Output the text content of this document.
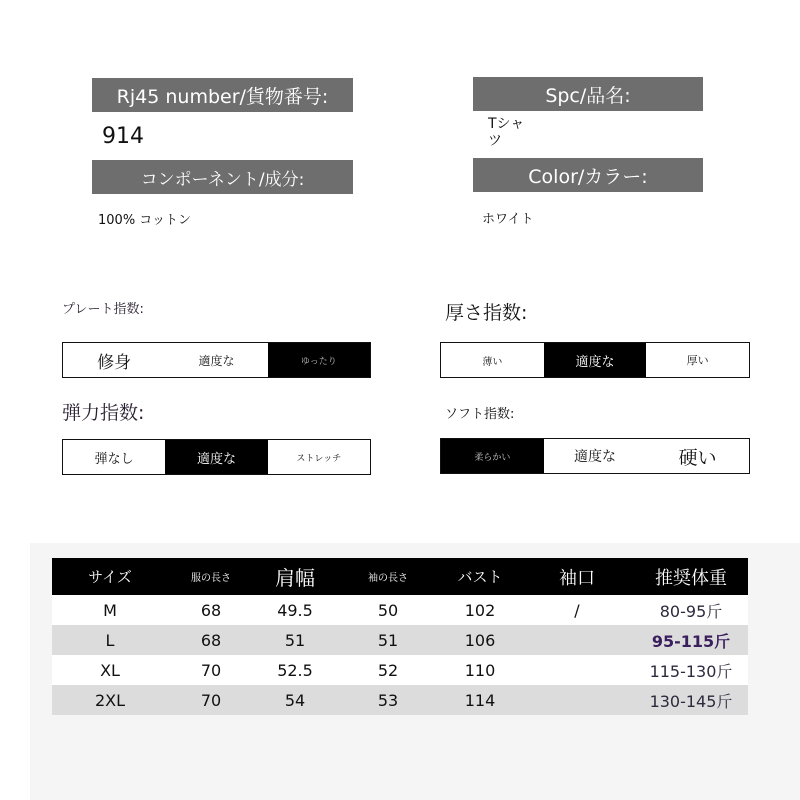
Rj45 number/貨物番号:
914
Spc/品名:
Tシャツ
コンポーネント/成分:
100% コットン
Color/カラー:
ホワイト
プレート指数:	厚さ指数:
弾力指数:	ソフト指数:
修身	適度な	ゆったり	薄い	適度な	厚い
弾なし	適度な	ストレッチ	柔らかい	適度な	硬い
サイズ	服の長さ	肩幅	袖の長さ	バスト	袖口	推奨体重
M	68	49.5	50	102	/	80-95斤
L	68	51	51	106		95-115斤
XL	70	52.5	52	110		115-130斤
2XL	70	54	53	114		130-145斤
